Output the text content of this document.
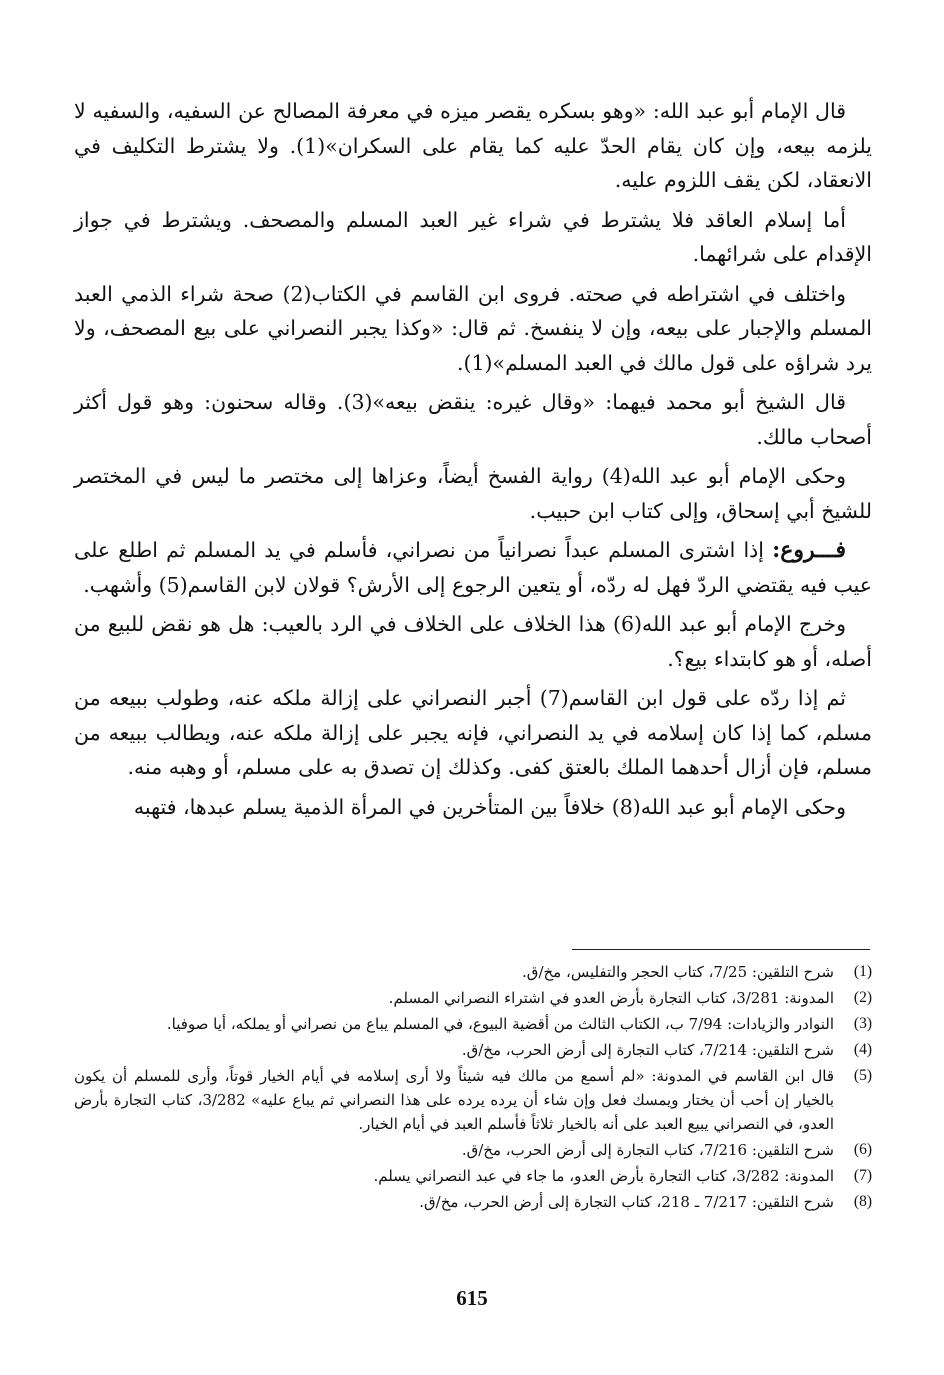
قال الإمام أبو عبد الله: «وهو بسكره يقصر ميزه في معرفة المصالح عن السفيه، والسفيه لا يلزمه بيعه، وإن كان يقام الحدّ عليه كما يقام على السكران»(1). ولا يشترط التكليف في الانعقاد، لكن يقف اللزوم عليه.

أما إسلام العاقد فلا يشترط في شراء غير العبد المسلم والمصحف. ويشترط في جواز الإقدام على شرائهما.

واختلف في اشتراطه في صحته. فروى ابن القاسم في الكتاب(2) صحة شراء الذمي العبد المسلم والإجبار على بيعه، وإن لا ينفسخ. ثم قال: «وكذا يجبر النصراني على بيع المصحف، ولا يرد شراؤه على قول مالك في العبد المسلم»(1).

قال الشيخ أبو محمد فيهما: «وقال غيره: ينقض بيعه»(3). وقاله سحنون: وهو قول أكثر أصحاب مالك.

وحكى الإمام أبو عبد الله(4) رواية الفسخ أيضاً، وعزاها إلى مختصر ما ليس في المختصر للشيخ أبي إسحاق، وإلى كتاب ابن حبيب.

فـــروع: إذا اشترى المسلم عبداً نصرانياً من نصراني، فأسلم في يد المسلم ثم اطلع على عيب فيه يقتضي الردّ فهل له ردّه، أو يتعين الرجوع إلى الأرش؟ قولان لابن القاسم(5) وأشهب.

وخرج الإمام أبو عبد الله(6) هذا الخلاف على الخلاف في الرد بالعيب: هل هو نقض للبيع من أصله، أو هو كابتداء بيع؟.

ثم إذا ردّه على قول ابن القاسم(7) أجبر النصراني على إزالة ملكه عنه، وطولب ببيعه من مسلم، كما إذا كان إسلامه في يد النصراني، فإنه يجبر على إزالة ملكه عنه، ويطالب ببيعه من مسلم، فإن أزال أحدهما الملك بالعتق كفى. وكذلك إن تصدق به على مسلم، أو وهبه منه.

وحكى الإمام أبو عبد الله(8) خلافاً بين المتأخرين في المرأة الذمية يسلم عبدها، فتهبه

(1)
شرح التلقين: 7/25، كتاب الحجر والتفليس، مخ/ق.
(2)
المدونة: 3/281، كتاب التجارة بأرض العدو في اشتراء النصراني المسلم.
(3)
النوادر والزيادات: 7/94 ب، الكتاب الثالث من أقضية البيوع، في المسلم يباع من نصراني أو يملكه، أيا صوفيا.
(4)
شرح التلقين: 7/214، كتاب التجارة إلى أرض الحرب، مخ/ق.
(5)
قال ابن القاسم في المدونة: «لم أسمع من مالك فيه شيئاً ولا أرى إسلامه في أيام الخيار قوتاً، وأرى للمسلم أن يكون بالخيار إن أحب أن يختار ويمسك فعل وإن شاء أن يرده يرده على هذا النصراني ثم يباع عليه» 3/282، كتاب التجارة بأرض العدو، في النصراني يبيع العبد على أنه بالخيار ثلاثاً فأسلم العبد في أيام الخيار.
(6)
شرح التلقين: 7/216، كتاب التجارة إلى أرض الحرب، مخ/ق.
(7)
المدونة: 3/282، كتاب التجارة بأرض العدو، ما جاء في عبد النصراني يسلم.
(8)
شرح التلقين: 7/217 ـ 218، كتاب التجارة إلى أرض الحرب، مخ/ق.
615
